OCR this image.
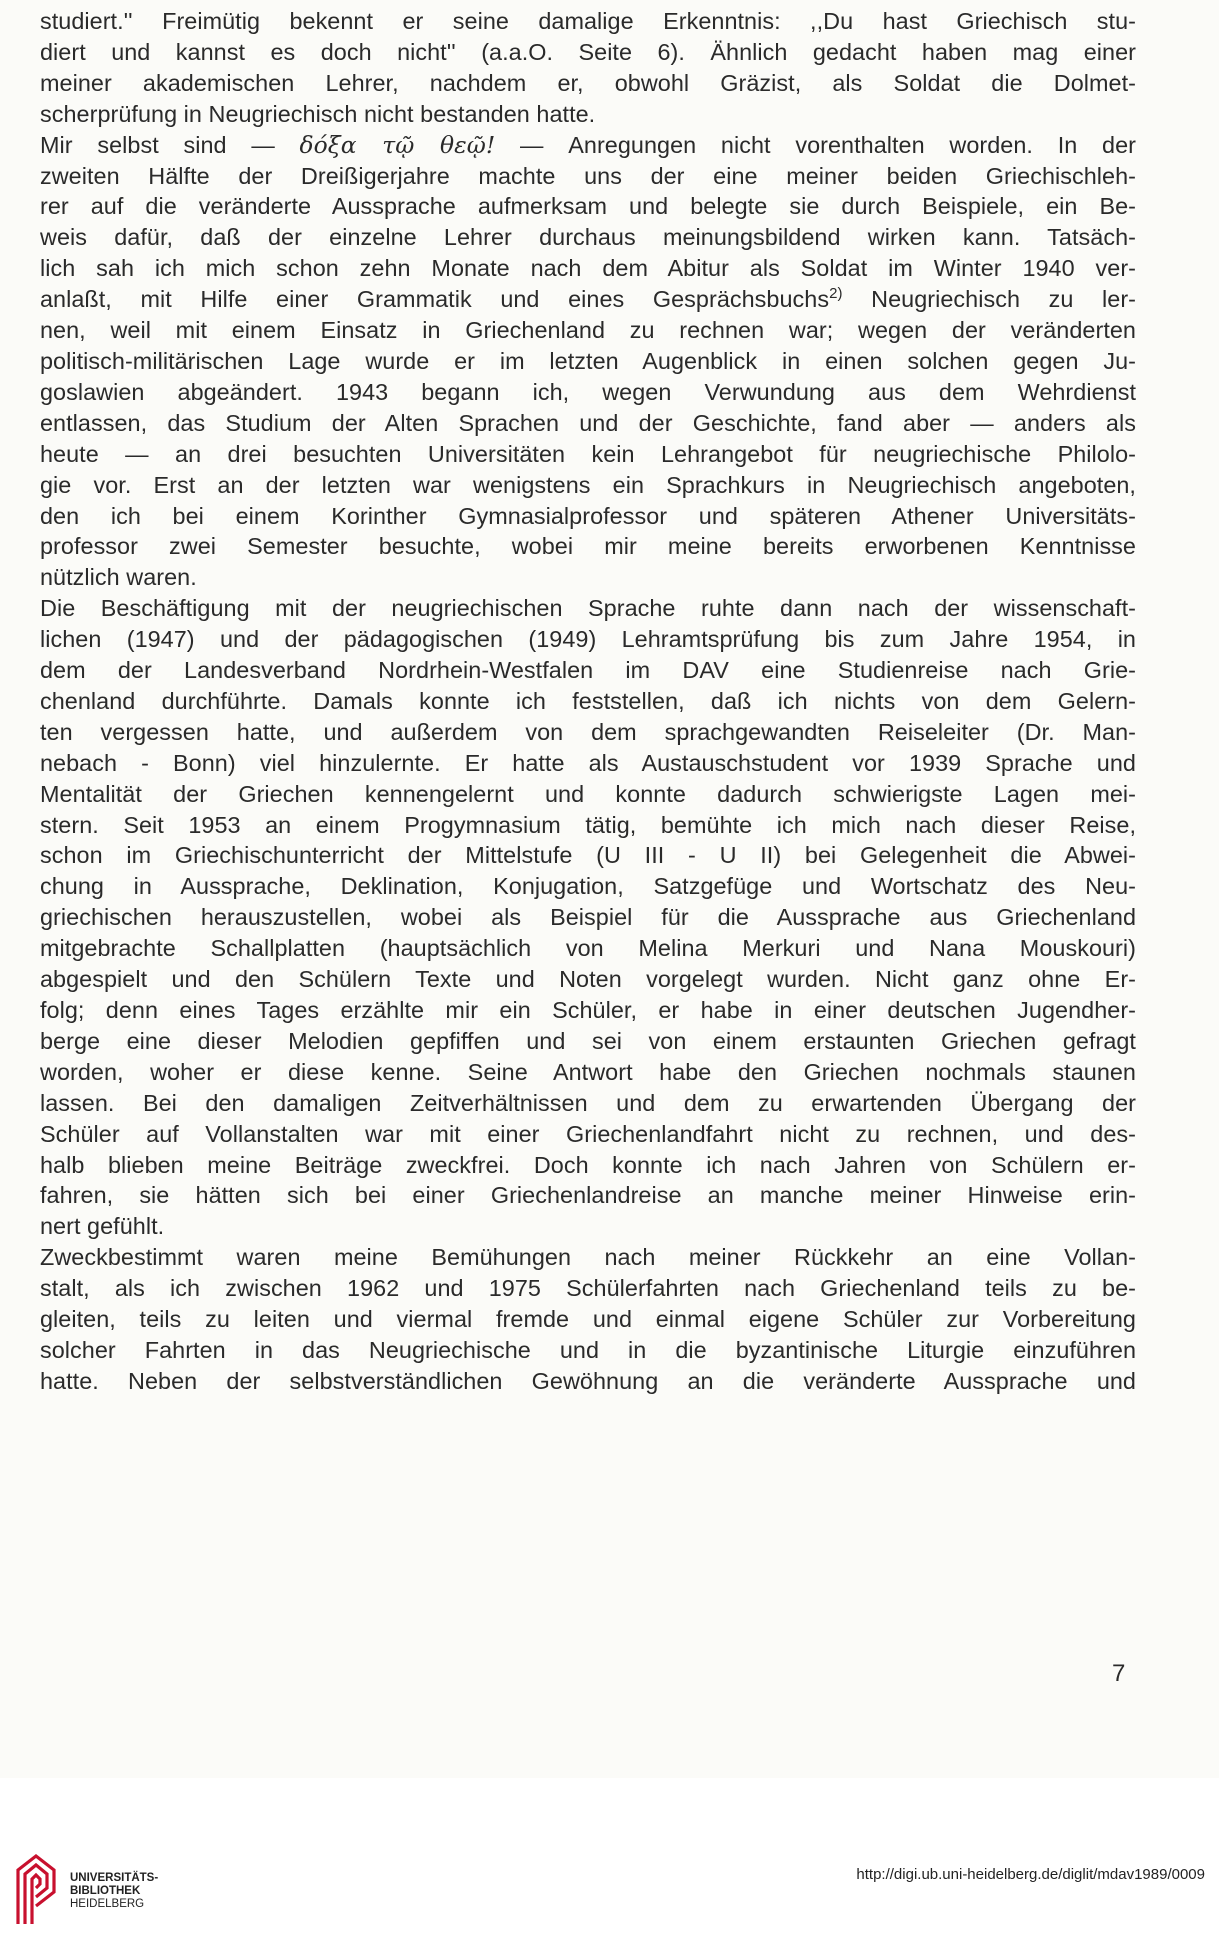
studiert.'' Freimütig bekennt er seine damalige Erkenntnis: ,,Du hast Griechisch stu-
diert und kannst es doch nicht'' (a.a.O. Seite 6). Ähnlich gedacht haben mag einer
meiner akademischen Lehrer, nachdem er, obwohl Gräzist, als Soldat die Dolmet-
scherprüfung in Neugriechisch nicht bestanden hatte.

Mir selbst sind — δόξα τῷ θεῷ! — Anregungen nicht vorenthalten worden. In der
zweiten Hälfte der Dreißigerjahre machte uns der eine meiner beiden Griechischleh-
rer auf die veränderte Aussprache aufmerksam und belegte sie durch Beispiele, ein Be-
weis dafür, daß der einzelne Lehrer durchaus meinungsbildend wirken kann. Tatsäch-
lich sah ich mich schon zehn Monate nach dem Abitur als Soldat im Winter 1940 ver-
anlaßt, mit Hilfe einer Grammatik und eines Gesprächsbuchs$^{2)}$ Neugriechisch zu ler-
nen, weil mit einem Einsatz in Griechenland zu rechnen war; wegen der veränderten
politisch-militärischen Lage wurde er im letzten Augenblick in einen solchen gegen Ju-
goslawien abgeändert. 1943 begann ich, wegen Verwundung aus dem Wehrdienst
entlassen, das Studium der Alten Sprachen und der Geschichte, fand aber — anders als
heute — an drei besuchten Universitäten kein Lehrangebot für neugriechische Philolo-
gie vor. Erst an der letzten war wenigstens ein Sprachkurs in Neugriechisch angeboten,
den ich bei einem Korinther Gymnasialprofessor und späteren Athener Universitäts-
professor zwei Semester besuchte, wobei mir meine bereits erworbenen Kenntnisse
nützlich waren.

Die Beschäftigung mit der neugriechischen Sprache ruhte dann nach der wissenschaft-
lichen (1947) und der pädagogischen (1949) Lehramtsprüfung bis zum Jahre 1954, in
dem der Landesverband Nordrhein-Westfalen im DAV eine Studienreise nach Grie-
chenland durchführte. Damals konnte ich feststellen, daß ich nichts von dem Gelern-
ten vergessen hatte, und außerdem von dem sprachgewandten Reiseleiter (Dr. Man-
nebach - Bonn) viel hinzulernte. Er hatte als Austauschstudent vor 1939 Sprache und
Mentalität der Griechen kennengelernt und konnte dadurch schwierigste Lagen mei-
stern. Seit 1953 an einem Progymnasium tätig, bemühte ich mich nach dieser Reise,
schon im Griechischunterricht der Mittelstufe (U III - U II) bei Gelegenheit die Abwei-
chung in Aussprache, Deklination, Konjugation, Satzgefüge und Wortschatz des Neu-
griechischen herauszustellen, wobei als Beispiel für die Aussprache aus Griechenland
mitgebrachte Schallplatten (hauptsächlich von Melina Merkuri und Nana Mouskouri)
abgespielt und den Schülern Texte und Noten vorgelegt wurden. Nicht ganz ohne Er-
folg; denn eines Tages erzählte mir ein Schüler, er habe in einer deutschen Jugendher-
berge eine dieser Melodien gepfiffen und sei von einem erstaunten Griechen gefragt
worden, woher er diese kenne. Seine Antwort habe den Griechen nochmals staunen
lassen. Bei den damaligen Zeitverhältnissen und dem zu erwartenden Übergang der
Schüler auf Vollanstalten war mit einer Griechenlandfahrt nicht zu rechnen, und des-
halb blieben meine Beiträge zweckfrei. Doch konnte ich nach Jahren von Schülern er-
fahren, sie hätten sich bei einer Griechenlandreise an manche meiner Hinweise erin-
nert gefühlt.

Zweckbestimmt waren meine Bemühungen nach meiner Rückkehr an eine Vollan-
stalt, als ich zwischen 1962 und 1975 Schülerfahrten nach Griechenland teils zu be-
gleiten, teils zu leiten und viermal fremde und einmal eigene Schüler zur Vorbereitung
solcher Fahrten in das Neugriechische und in die byzantinische Liturgie einzuführen
hatte. Neben der selbstverständlichen Gewöhnung an die veränderte Aussprache und

7
UNIVERSITÄTS-
BIBLIOTHEK
HEIDELBERG
http://digi.ub.uni-heidelberg.de/diglit/mdav1989/0009
